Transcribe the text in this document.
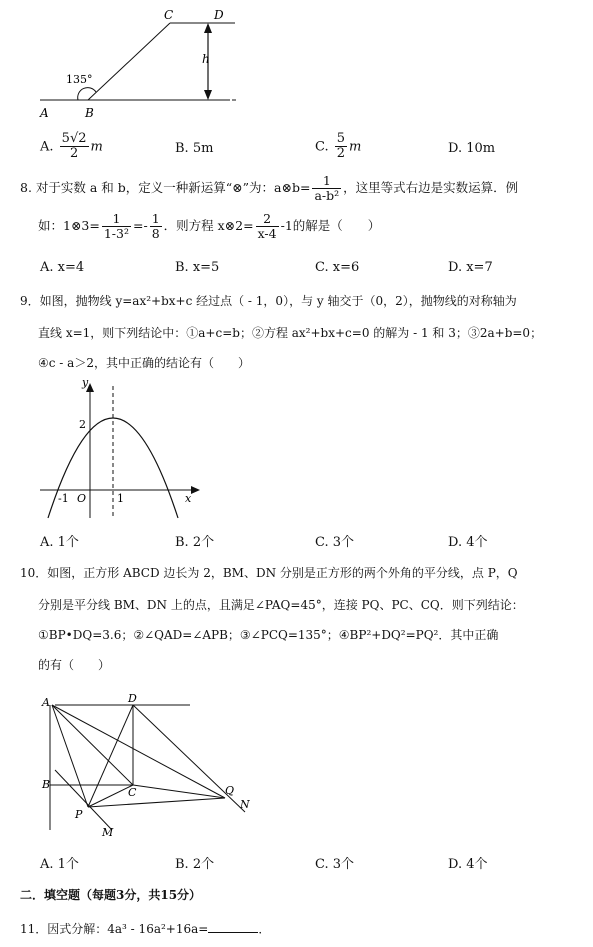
A	B
C	D
h
135°
A. $\frac{5√2}{2}$ m	B. 5m	C. $\frac{5}{2}$ m	D. 10m
8. 对于实数 a 和 b，定义一种新运算“⊗”为：a⊗b= $\frac{1}{\text{a-b²}}$ ，这里等式右边是实数运算．例
如：1⊗3= $\frac{1}{\text{1-3²}} =- \frac{1}{8}$ ．则方程 x⊗2= $\frac{2}{x-4} -1$的解是（　　）
A. x=4	B. x=5	C. x=6	D. x=7
9．如图，抛物线 y=ax²+bx+c 经过点（ - 1，0），与 y 轴交于（0，2），抛物线的对称轴为
直线 x=1，则下列结论中：①a+c=b；②方程 ax²+bx+c=0 的解为 - 1 和 3；③2a+b=0；
④c - a＞2，其中正确的结论有（　　）
y
x
2
-1 O	1
A. 1个	B. 2个	C. 3个	D. 4个
10．如图，正方形 ABCD 边长为 2，BM、DN 分别是正方形的两个外角的平分线，点 P，Q
分别是平分线 BM、DN 上的点，且满足∠PAQ=45°，连接 PQ、PC、CQ．则下列结论：
①BP•DQ=3.6；②∠QAD=∠APB；③∠PCQ=135°；④BP²+DQ²=PQ²．其中正确
的有（　　）
A	D
B
C
P
M
Q
N
A. 1个	B. 2个	C. 3个	D. 4个
二．填空题（每题3分，共15分）
11．因式分解：4a³ - 16a²+16a=	．
